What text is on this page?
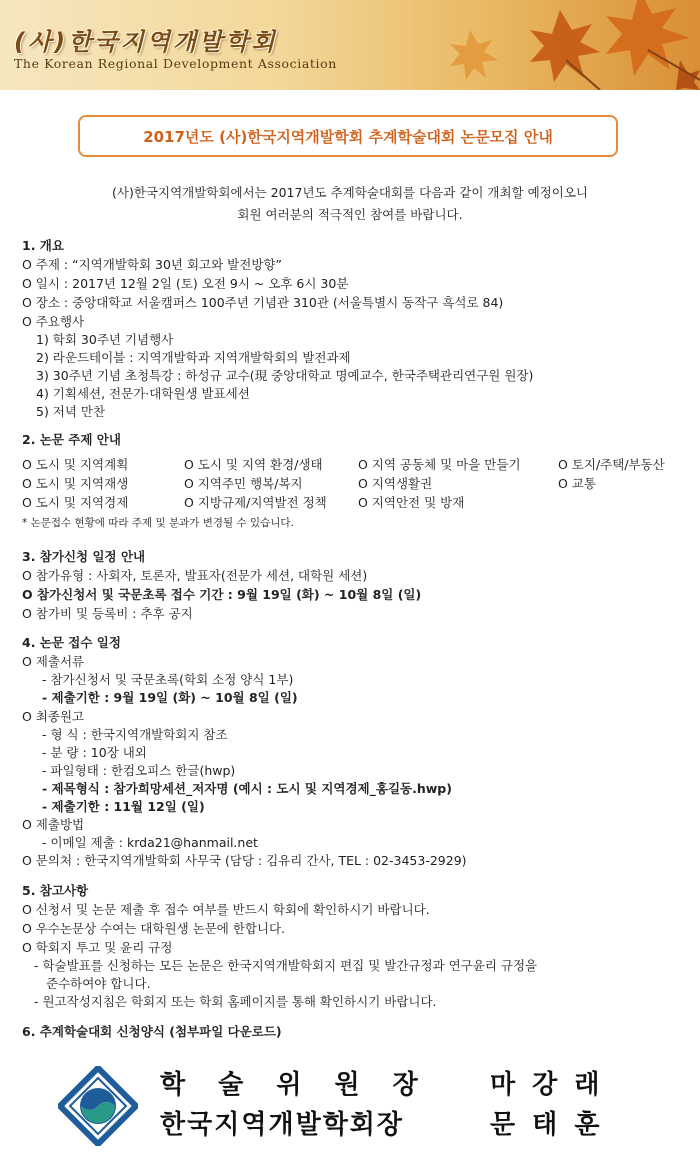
(사)한국지역개발학회
The Korean Regional Development Association
2017년도 (사)한국지역개발학회 추계학술대회 논문모집 안내
(사)한국지역개발학회에서는 2017년도 추계학술대회를 다음과 같이 개최할 예정이오니
회원 여러분의 적극적인 참여를 바랍니다.
1. 개요
O 주제 : “지역개발학회 30년 회고와 발전방향”
O 일시 : 2017년 12월 2일 (토) 오전 9시 ~ 오후 6시 30분
O 장소 : 중앙대학교 서울캠퍼스 100주년 기념관 310관 (서울특별시 동작구 흑석로 84)
O 주요행사
1) 학회 30주년 기념행사
2) 라운드테이블 : 지역개발학과 지역개발학회의 발전과제
3) 30주년 기념 초청특강 : 하성규 교수(現 중앙대학교 명예교수, 한국주택관리연구원 원장)
4) 기획세션, 전문가·대학원생 발표세션
5) 저녁 만찬
2. 논문 주제 안내
O 도시 및 지역계획	O 도시 및 지역 환경/생태	O 지역 공동체 및 마을 만들기	O 토지/주택/부동산
O 도시 및 지역재생	O 지역주민 행복/복지	O 지역생활권	O 교통
O 도시 및 지역경제	O 지방규제/지역발전 정책	O 지역안전 및 방재
* 논문접수 현황에 따라 주제 및 분과가 변경될 수 있습니다.
3. 참가신청 일정 안내
O 참가유형 : 사회자, 토론자, 발표자(전문가 세션, 대학원 세션)
O 참가신청서 및 국문초록 접수 기간 : 9월 19일 (화) ~ 10월 8일 (일)
O 참가비 및 등록비 : 추후 공지
4. 논문 접수 일정
O 제출서류
- 참가신청서 및 국문초록(학회 소정 양식 1부)
- 제출기한 : 9월 19일 (화) ~ 10월 8일 (일)
O 최종원고
- 형 식 : 한국지역개발학회지 참조
- 분 량 : 10장 내외
- 파일형태 : 한컴오피스 한글(hwp)
- 제목형식 : 참가희망세션_저자명 (예시 : 도시 및 지역경제_홍길동.hwp)
- 제출기한 : 11월 12일 (일)
O 제출방법
- 이메일 제출 : krda21@hanmail.net
O 문의처 : 한국지역개발학회 사무국 (담당 : 김유리 간사, TEL : 02-3453-2929)
5. 참고사항
O 신청서 및 논문 제출 후 접수 여부를 반드시 학회에 확인하시기 바랍니다.
O 우수논문상 수여는 대학원생 논문에 한합니다.
O 학회지 투고 및 윤리 규정
- 학술발표를 신청하는 모든 논문은 한국지역개발학회지 편집 및 발간규정과 연구윤리 규정을
준수하여야 합니다.
- 원고작성지침은 학회지 또는 학회 홈페이지를 통해 확인하시기 바랍니다.
6. 추계학술대회 신청양식 (첨부파일 다운로드)
학 술 위 원 장 마 강 래
한국지역개발학회장	문 태 훈
